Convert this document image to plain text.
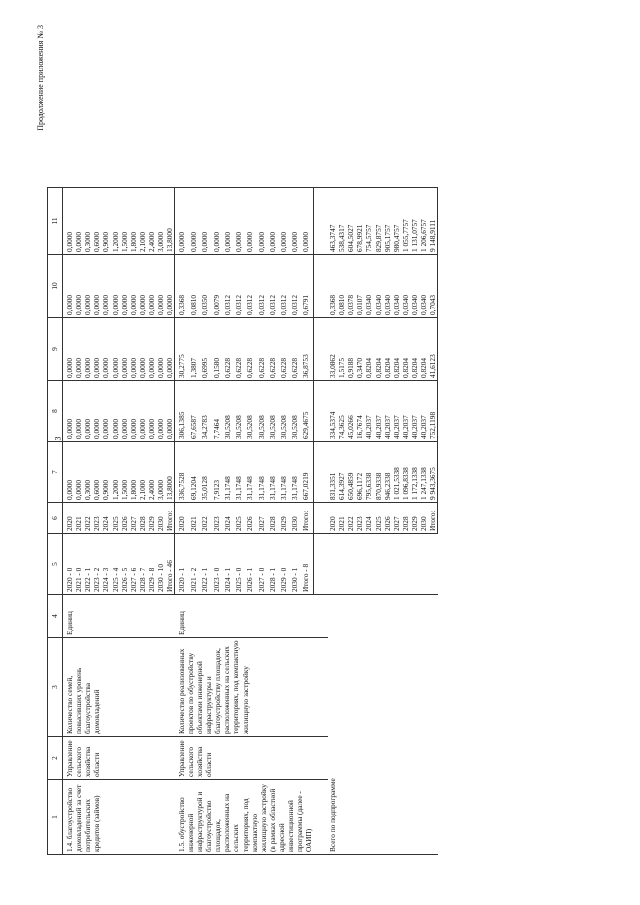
3
Продолжение приложения № 3
1	2	3	4	5	6	7	8	9	10	11
1.4. благоустройство домовладений за счет потребительских кредитов (займов)	Управление сельского хозяйства области	Количество семей, повысивших уровень благоустройства домовладений	Единиц	2020 - 0	2020	0,0000	0,0000	0,0000	0,0000	0,0000
				2021 - 0	2021	0,0000	0,0000	0,0000	0,0000	0,0000
				2022 - 1	2022	0,3000	0,0000	0,0000	0,0000	0,3000
				2023 - 2	2023	0,6000	0,0000	0,0000	0,0000	0,6000
				2024 - 3	2024	0,9000	0,0000	0,0000	0,0000	0,9000
				2025 - 4	2025	1,2000	0,0000	0,0000	0,0000	1,2000
				2026 - 5	2026	1,5000	0,0000	0,0000	0,0000	1,5000
				2027 - 6	2027	1,8000	0,0000	0,0000	0,0000	1,8000
				2028 - 7	2028	2,1000	0,0000	0,0000	0,0000	2,1000
				2029 - 8	2029	2,4000	0,0000	0,0000	0,0000	2,4000
				2030 - 10	2030	3,0000	0,0000	0,0000	0,0000	3,0000
				Итого - 46	Итого:	13,8000	0,0000	0,0000	0,0000	13,8000
1.5. обустройство инженерной инфраструктурой и благоустройство площадок, расположенных на сельских территориях, под компактную жилищную застройку (в рамках областной адресной инвестиционной программы (далее - ОАИП)	Управление сельского хозяйства области	Количество реализованных проектов по обустройству объектами инженерной инфраструктуры и благоустройству площадок, расположенных на сельских территориях, под компактную жилищную застройку	Единиц	2020 - 1	2020	336,7528	306,1385	30,2775	0,3368	0,0000
				2021 - 2	2021	69,1204	67,6587	1,3807	0,0810	0,0000
				2022 - 1	2022	35,0128	34,2783	0,6995	0,0350	0,0000
				2023 - 0	2023	7,9123	7,7464	0,1580	0,0079	0,0000
				2024 - 1	2024	31,1748	30,5208	0,6228	0,0312	0,0000
				2025 - 0	2025	31,1748	30,5208	0,6228	0,0312	0,0000
				2026 - 1	2026	31,1748	30,5208	0,6228	0,0312	0,0000
				2027 - 0	2027	31,1748	30,5208	0,6228	0,0312	0,0000
				2028 - 1	2028	31,1748	30,5208	0,6228	0,0312	0,0000
				2029 - 0	2029	31,1748	30,5208	0,6228	0,0312	0,0000
				2030 - 1	2030	31,1748	30,5208	0,6228	0,0312	0,0000
				Итого - 8	Итого:	667,0219	629,4675	36,8753	0,6791	0,0000

Всего по подпрограмме					2020	831,3351	334,5374	33,0862	0,3368	463,3747
					2021	614,3927	74,3625	1,5175	0,0810	538,4317
					2022	650,4859	45,0266	0,9188	0,0378	604,5027
					2023	696,1172	16,7674	0,3470	0,0107	678,9921
					2024	795,6338	40,2037	0,8204	0,0340	754,5757
					2025	870,9338	40,2037	0,8204	0,0340	829,8757
					2026	946,2338	40,2037	0,8204	0,0340	905,1757
					2027	1 021,5338	40,2037	0,8204	0,0340	980,4757
					2028	1 096,8338	40,2037	0,8204	0,0340	1 055,7757
					2029	1 172,1338	40,2037	0,8204	0,0340	1 131,0757
					2030	1 247,1338	40,2037	0,8204	0,0340	1 206,6757
					Итого:	9 943,3675	752,1198	41,6123	0,7043	9 148,9111
